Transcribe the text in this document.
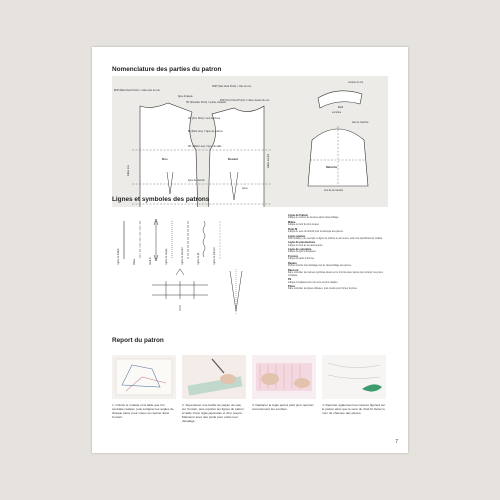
Nomenclature des parties du patron
BNP (Back Neck Point) = milieu dos du cou
SNP (Side Neck Point) = côté du cou
ligne d'épaule
SP (Shoulder Point) = pointe d'épaule
FNP (Front Neck Point) = milieu devant du cou
AH (Arm Hole) = emmanchure
BL (Bust Line) = ligne de poitrine
WL (Waist Line) = ligne de taille
ligne de hanche
Dos	Devant
pince
milieu dos
milieu devant
contour du col
Col
encolure
tête de manche
Manche
tour de la manche
Lignes et symboles des patrons
Ligne de finition	Milieu	Droit-fil	Ligne de coupe	Ligne de raccord	Ligne de pli	Ligne de fronces
Ligne de finition
Indique le contour de la pièce après l'assemblage.
Milieu
Indique le bord du pli à couper.
Droit-fil
Indique le sens du droit-fil pour la découpe des pièces.
Ligne repérée
Peut indiquer, par exemple, la ligne de poitrine ou de revers, selon les spécificités du modèle.
Ligne de parementure
Indique le bord de la parementure.
Ligne de surpiqûre
Indique la ligne à surpiquer.
Fronces
Indique la partie à froncer.
Repère
Permet d'éviter tout décalage lors de l'assemblage des pièces.
Raccord
Faire coïncider les mêmes symboles situés sur le bord de deux pièces pour obtenir une pièce complète.
Pli
Indique l'emplacement et le sens du pli à réaliser.
Pince
Faire coïncider les lignes obliques, puis coudre pour former la pince.
Report du patron
1. Choisir le modèle et la taille que l'on souhaite réaliser, puis surligner les angles de chaque pièce pour mieux se repérer dans l'encart.
2. Superposer une feuille de papier de soie sur l'encart, puis reporter les lignes du patron à l'aide d'une règle japonaise et d'un crayon. Maintenir avec des poids pour éviter tout décalage.
3. Déplacer la règle petit à petit pour reporter correctement les courbes.
4. Reporter également les repères figurant sur le patron ainsi que le sens du droit-fil. Noter le nom de chacune des pièces.
7
